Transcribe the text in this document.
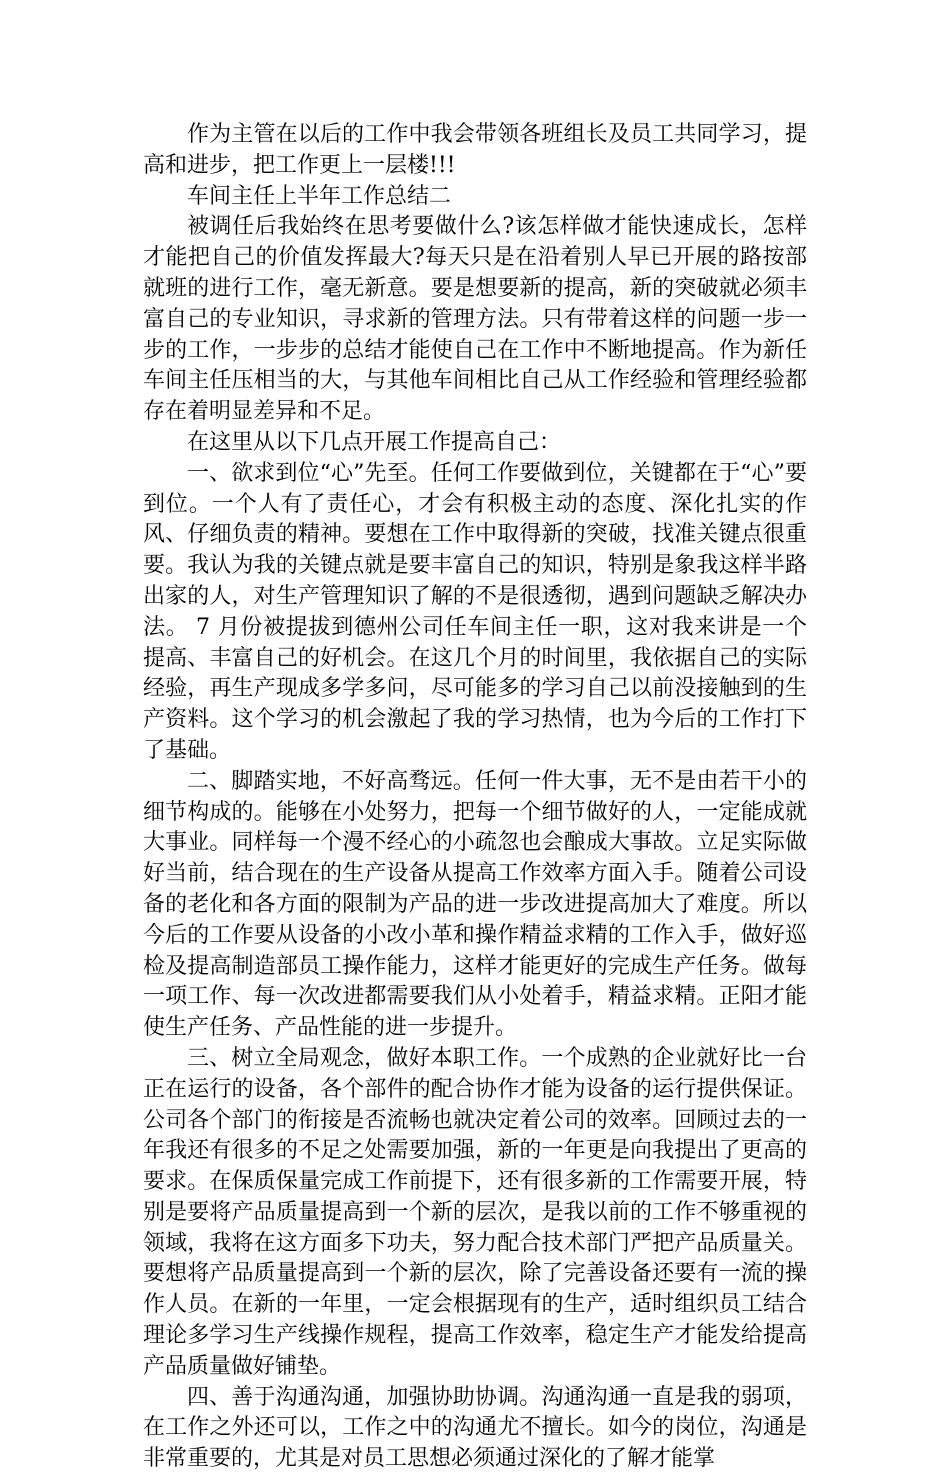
作为主管在以后的工作中我会带领各班组长及员工共同学习，提高和进步，把工作更上一层楼!!!

车间主任上半年工作总结二

被调任后我始终在思考要做什么?该怎样做才能快速成长，怎样才能把自己的价值发挥最大?每天只是在沿着别人早已开展的路按部就班的进行工作，毫无新意。要是想要新的提高，新的突破就必须丰富自己的专业知识，寻求新的管理方法。只有带着这样的问题一步一步的工作，一步步的总结才能使自己在工作中不断地提高。作为新任车间主任压相当的大，与其他车间相比自己从工作经验和管理经验都存在着明显差异和不足。

在这里从以下几点开展工作提高自己：

一、欲求到位“心”先至。任何工作要做到位，关键都在于“心”要到位。一个人有了责任心，才会有积极主动的态度、深化扎实的作风、仔细负责的精神。要想在工作中取得新的突破，找准关键点很重要。我认为我的关键点就是要丰富自己的知识，特别是象我这样半路出家的人，对生产管理知识了解的不是很透彻，遇到问题缺乏解决办法。 7 月份被提拔到德州公司任车间主任一职，这对我来讲是一个提高、丰富自己的好机会。在这几个月的时间里，我依据自己的实际经验，再生产现成多学多问，尽可能多的学习自己以前没接触到的生产资料。这个学习的机会激起了我的学习热情，也为今后的工作打下了基础。

二、脚踏实地，不好高骛远。任何一件大事，无不是由若干小的细节构成的。能够在小处努力，把每一个细节做好的人，一定能成就大事业。同样每一个漫不经心的小疏忽也会酿成大事故。立足实际做好当前，结合现在的生产设备从提高工作效率方面入手。随着公司设备的老化和各方面的限制为产品的进一步改进提高加大了难度。所以今后的工作要从设备的小改小革和操作精益求精的工作入手，做好巡检及提高制造部员工操作能力，这样才能更好的完成生产任务。做每一项工作、每一次改进都需要我们从小处着手，精益求精。正阳才能使生产任务、产品性能的进一步提升。

三、树立全局观念，做好本职工作。一个成熟的企业就好比一台正在运行的设备，各个部件的配合协作才能为设备的运行提供保证。公司各个部门的衔接是否流畅也就决定着公司的效率。回顾过去的一年我还有很多的不足之处需要加强，新的一年更是向我提出了更高的要求。在保质保量完成工作前提下，还有很多新的工作需要开展，特别是要将产品质量提高到一个新的层次，是我以前的工作不够重视的领域，我将在这方面多下功夫，努力配合技术部门严把产品质量关。要想将产品质量提高到一个新的层次，除了完善设备还要有一流的操作人员。在新的一年里，一定会根据现有的生产，适时组织员工结合理论多学习生产线操作规程，提高工作效率，稳定生产才能发给提高产品质量做好铺垫。

四、善于沟通沟通，加强协助协调。沟通沟通一直是我的弱项，在工作之外还可以，工作之中的沟通尤不擅长。如今的岗位，沟通是非常重要的，尤其是对员工思想必须通过深化的了解才能掌
